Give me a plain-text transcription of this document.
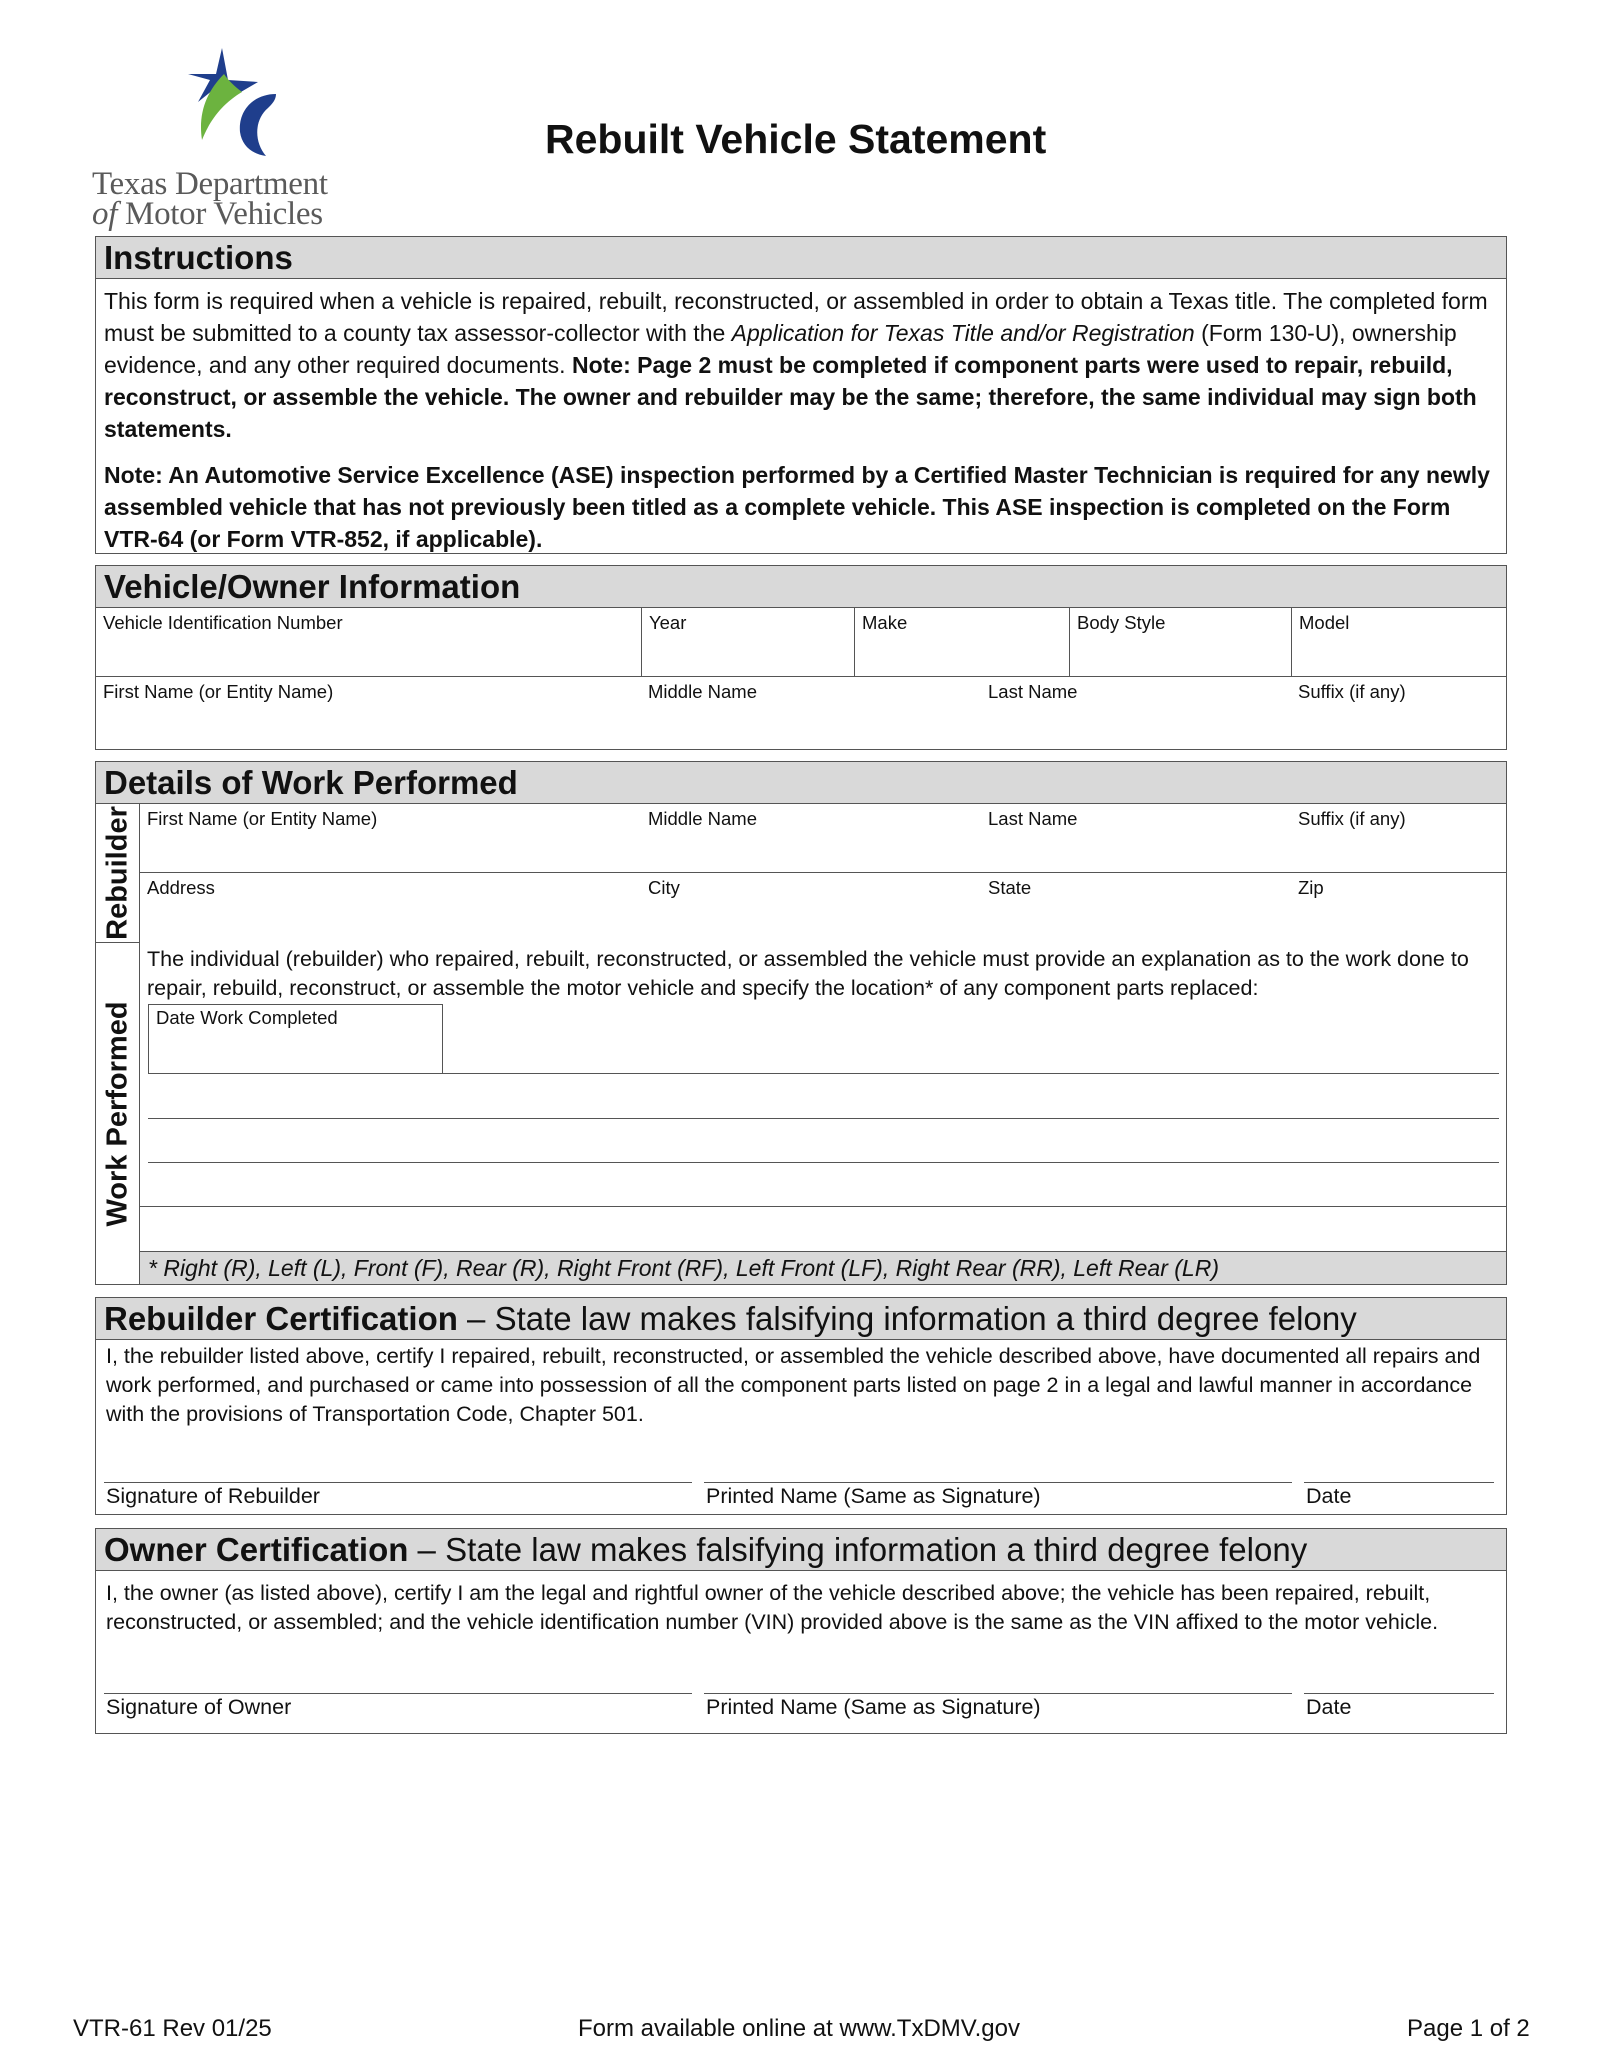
Texas Department
of Motor Vehicles
Rebuilt Vehicle Statement
Instructions

This form is required when a vehicle is repaired, rebuilt, reconstructed, or assembled in order to obtain a Texas title. The completed form must be submitted to a county tax assessor-collector with the Application for Texas Title and/or Registration (Form 130-U), ownership evidence, and any other required documents. Note: Page 2 must be completed if component parts were used to repair, rebuild, reconstruct, or assemble the vehicle. The owner and rebuilder may be the same; therefore, the same individual may sign both statements.

Note: An Automotive Service Excellence (ASE) inspection performed by a Certified Master Technician is required for any newly assembled vehicle that has not previously been titled as a complete vehicle. This ASE inspection is completed on the Form VTR-64 (or Form VTR-852, if applicable).

Vehicle/Owner Information
Vehicle Identification Number	Year	Make	Body Style	Model
First Name (or Entity Name)	Middle Name	Last Name	Suffix (if any)
Details of Work Performed
Rebuilder
Work Performed
First Name (or Entity Name)	Middle Name	Last Name	Suffix (if any)
Address	City	State	Zip
The individual (rebuilder) who repaired, rebuilt, reconstructed, or assembled the vehicle must provide an explanation as to the work done to repair, rebuild, reconstruct, or assemble the motor vehicle and specify the location* of any component parts replaced:
Date Work Completed
* Right (R), Left (L), Front (F), Rear (R), Right Front (RF), Left Front (LF), Right Rear (RR), Left Rear (LR)
Rebuilder Certification – State law makes falsifying information a third degree felony
I, the rebuilder listed above, certify I repaired, rebuilt, reconstructed, or assembled the vehicle described above, have documented all repairs and work performed, and purchased or came into possession of all the component parts listed on page 2 in a legal and lawful manner in accordance with the provisions of Transportation Code, Chapter 501.
Signature of Rebuilder	Printed Name (Same as Signature)	Date
Owner Certification – State law makes falsifying information a third degree felony
I, the owner (as listed above), certify I am the legal and rightful owner of the vehicle described above; the vehicle has been repaired, rebuilt, reconstructed, or assembled; and the vehicle identification number (VIN) provided above is the same as the VIN affixed to the motor vehicle.
Signature of Owner	Printed Name (Same as Signature)	Date
VTR-61 Rev 01/25	Form available online at www.TxDMV.gov	Page 1 of 2
